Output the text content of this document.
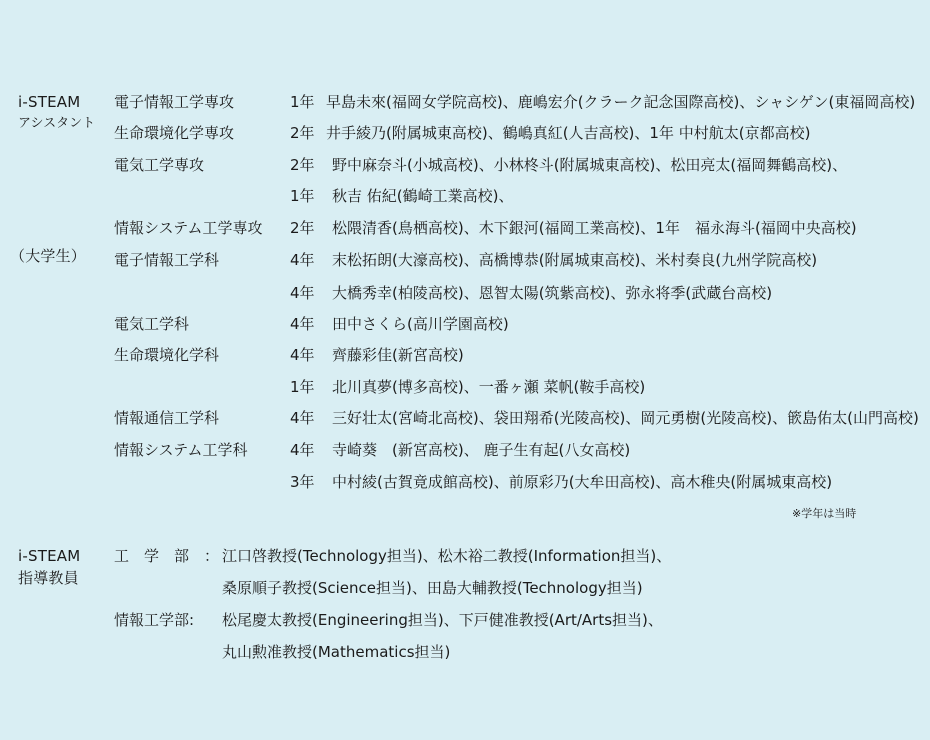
i-STEAM
アシスタント
（大学生）
電子情報工学専攻	1年 早島未來(福岡女学院高校)、鹿嶋宏介(クラーク記念国際高校)、シャシゲン(東福岡高校)
生命環境化学専攻	2年 井手綾乃(附属城東高校)、鶴嶋真紅(人吉高校)、1年 中村航太(京都高校)
電気工学専攻	2年 野中麻奈斗(小城高校)、小林柊斗(附属城東高校)、松田亮太(福岡舞鶴高校)、
1年 秋吉 佑紀(鶴崎工業高校)、
情報システム工学専攻 2年 松隈清香(鳥栖高校)、木下銀河(福岡工業高校)、1年　福永海斗(福岡中央高校)
電子情報工学科	4年 末松拓朗(大濠高校)、高橋博恭(附属城東高校)、米村奏良(九州学院高校)
4年 大橋秀幸(柏陵高校)、恩智太陽(筑紫高校)、弥永将季(武蔵台高校)
電気工学科	4年 田中さくら(高川学園高校)
生命環境化学科	4年 齊藤彩佳(新宮高校)
1年 北川真夢(博多高校)、一番ヶ瀬 菜帆(鞍手高校)
情報通信工学科	4年 三好壮太(宮崎北高校)、袋田翔希(光陵高校)、岡元勇樹(光陵高校)、篏島佑太(山門高校)
情報システム工学科	4年 寺崎葵　(新宮高校)、 鹿子生有起(八女高校)
3年 中村綾(古賀竟成館高校)、前原彩乃(大牟田高校)、高木稚央(附属城東高校)
※学年は当時
i-STEAM
指導教員
工　学　部　： 江口啓教授(Technology担当)、松木裕二教授(Information担当)、
桑原順子教授(Science担当)、田島大輔教授(Technology担当)
情報工学部: 松尾慶太教授(Engineering担当)、下戸健准教授(Art/Arts担当)、
丸山勲准教授(Mathematics担当)
